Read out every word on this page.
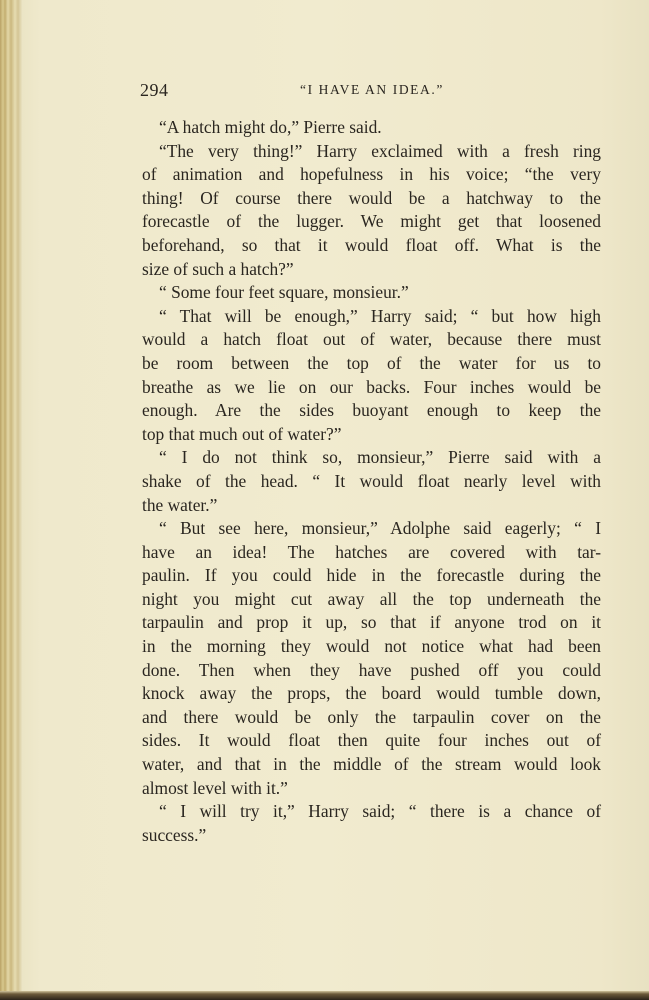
294	“I HAVE AN IDEA.”
“A hatch might do,” Pierre said.
“The very thing!” Harry exclaimed with a fresh ring
of animation and hopefulness in his voice; “the very
thing! Of course there would be a hatchway to the
forecastle of the lugger. We might get that loosened
beforehand, so that it would float off. What is the
size of such a hatch?”
“ Some four feet square, monsieur.”
“ That will be enough,” Harry said; “ but how high
would a hatch float out of water, because there must
be room between the top of the water for us to
breathe as we lie on our backs. Four inches would be
enough. Are the sides buoyant enough to keep the
top that much out of water?”
“ I do not think so, monsieur,” Pierre said with a
shake of the head. “ It would float nearly level with
the water.”
“ But see here, monsieur,” Adolphe said eagerly; “ I
have an idea! The hatches are covered with tar-
paulin. If you could hide in the forecastle during the
night you might cut away all the top underneath the
tarpaulin and prop it up, so that if anyone trod on it
in the morning they would not notice what had been
done. Then when they have pushed off you could
knock away the props, the board would tumble down,
and there would be only the tarpaulin cover on the
sides. It would float then quite four inches out of
water, and that in the middle of the stream would look
almost level with it.”
“ I will try it,” Harry said; “ there is a chance of
success.”
